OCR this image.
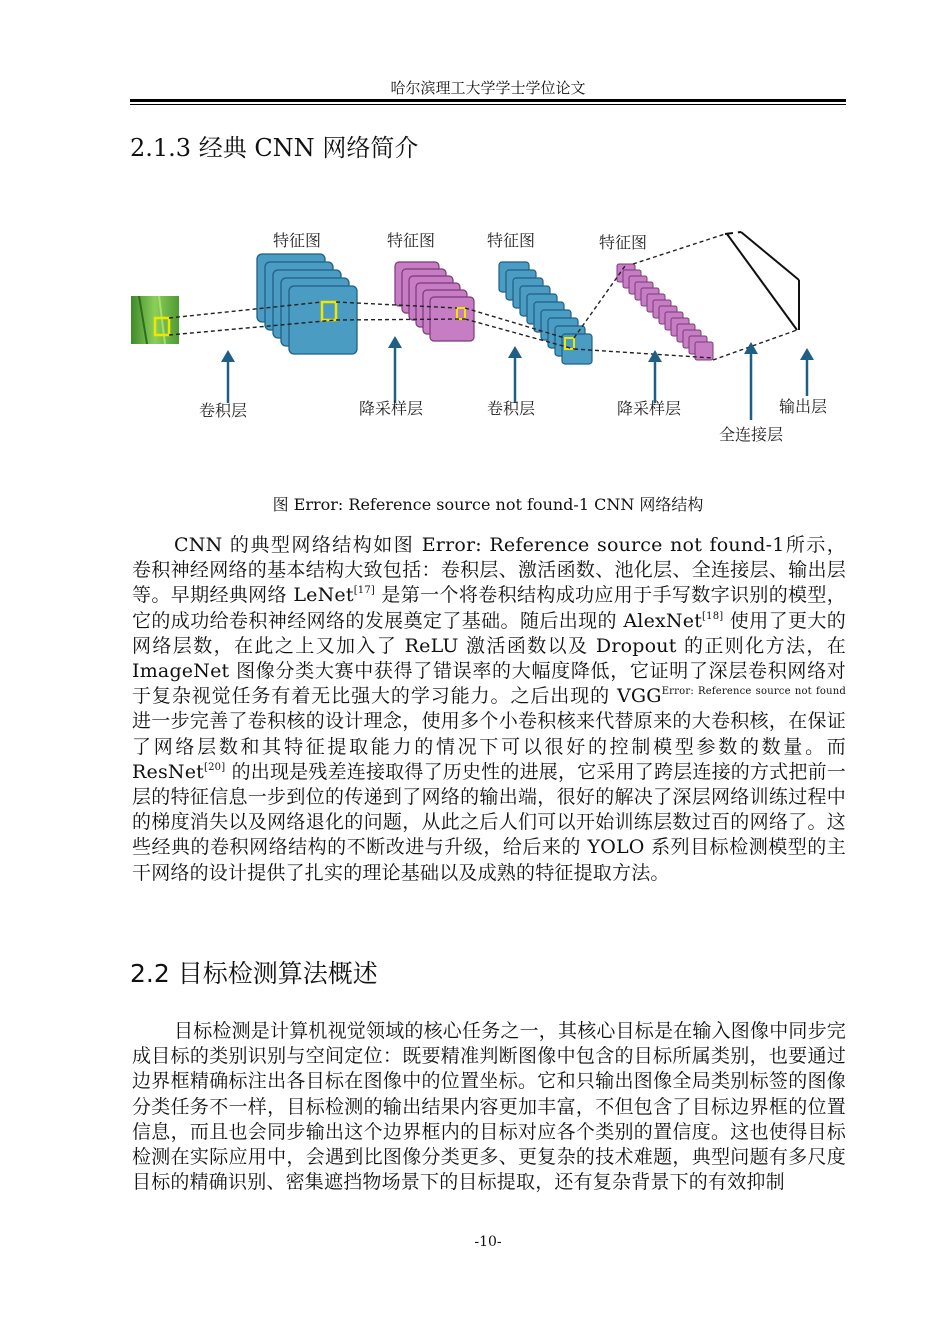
哈尔滨理工大学学士学位论文
2.1.3 经典 CNN 网络简介
特征图	特征图	特征图	特征图
卷积层	降采样层	卷积层	降采样层
全连接层
输出层
图 Error: Reference source not found-1 CNN 网络结构
CNN 的典型网络结构如图 Error: Reference source not found-1所示， 卷积神经网络的基本结构大致包括：卷积层、激活函数、池化层、全连接层、输出层等。早期经典网络 LeNet[17] 是第一个将卷积结构成功应用于手写数字识别的模型，它的成功给卷积神经网络的发展奠定了基础。随后出现的 AlexNet[18] 使用了更大的网络层数，在此之上又加入了 ReLU 激活函数以及 Dropout 的正则化方法，在 ImageNet 图像分类大赛中获得了错误率的大幅度降低，它证明了深层卷积网络对于复杂视觉任务有着无比强大的学习能力。之后出现的 $VGG^{Error: Reference source not found}$ 进一步完善了卷积核的设计理念，使用多个小卷积核来代替原来的大卷积核，在保证了网络层数和其特征提取能力的情况下可以很好的控制模型参数的数量。而 ResNet[20] 的出现是残差连接取得了历史性的进展，它采用了跨层连接的方式把前一层的特征信息一步到位的传递到了网络的输出端，很好的解决了深层网络训练过程中的梯度消失以及网络退化的问题，从此之后人们可以开始训练层数过百的网络了。这些经典的卷积网络结构的不断改进与升级，给后来的 YOLO 系列目标检测模型的主干网络的设计提供了扎实的理论基础以及成熟的特征提取方法。
2.2 目标检测算法概述
目标检测是计算机视觉领域的核心任务之一，其核心目标是在输入图像中同步完成目标的类别识别与空间定位：既要精准判断图像中包含的目标所属类别，也要通过边界框精确标注出各目标在图像中的位置坐标。它和只输出图像全局类别标签的图像分类任务不一样，目标检测的输出结果内容更加丰富，不但包含了目标边界框的位置信息，而且也会同步输出这个边界框内的目标对应各个类别的置信度。这也使得目标检测在实际应用中，会遇到比图像分类更多、更复杂的技术难题，典型问题有多尺度目标的精确识别、密集遮挡物场景下的目标提取，还有复杂背景下的有效抑制
-10-
